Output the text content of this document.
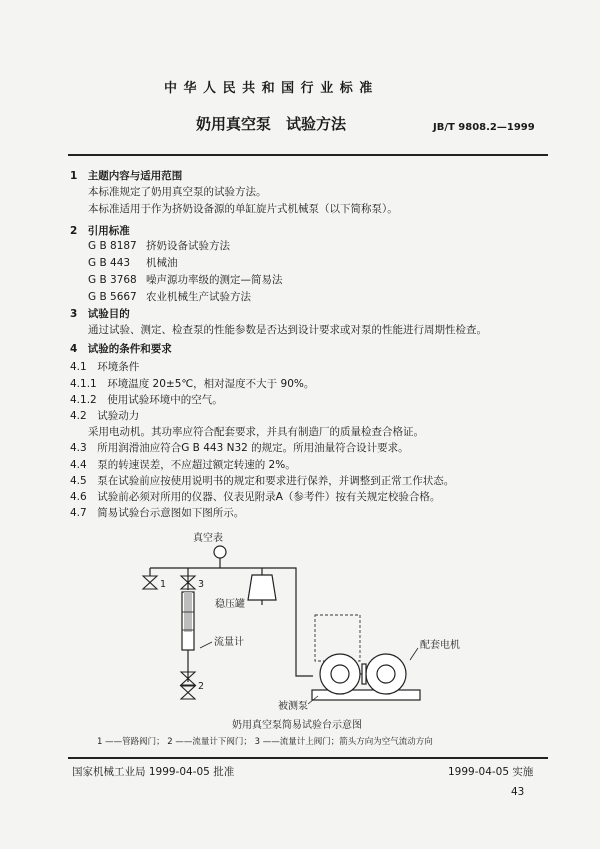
中 华 人 民 共 和 国 行 业 标 准
奶用真空泵　试验方法	JB/T 9808.2—1999
1　主题内容与适用范围
本标准规定了奶用真空泵的试验方法。
本标准适用于作为挤奶设备源的单缸旋片式机械泵（以下简称泵）。
2　引用标准
G B 8187 挤奶设备试验方法
G B 443 机械油
G B 3768 噪声源功率级的测定—简易法
G B 5667 农业机械生产试验方法
3　试验目的
通过试验、测定、检查泵的性能参数是否达到设计要求或对泵的性能进行周期性检查。
4　试验的条件和要求
4.1　环境条件
4.1.1　环境温度 20±5℃，相对湿度不大于 90%。
4.1.2　使用试验环境中的空气。
4.2　试验动力
采用电动机。其功率应符合配套要求，并具有制造厂的质量检查合格证。
4.3　所用润滑油应符合G B 443 N32 的规定。所用油量符合设计要求。
4.4　泵的转速误差，不应超过额定转速的 2%。
4.5　泵在试验前应按使用说明书的规定和要求进行保养，并调整到正常工作状态。
4.6　试验前必须对所用的仪器、仪表见附录A（参考件）按有关规定校验合格。
4.7　简易试验台示意图如下图所示。
1	3
2
真空表
稳压罐
流量计	配套电机
被测泵
奶用真空泵简易试验台示意图
1 ——管路阀门； 2 ——流量计下阀门； 3 ——流量计上阀门；箭头方向为空气流动方向
国家机械工业局 1999-04-05 批准	1999-04-05 实施
43
